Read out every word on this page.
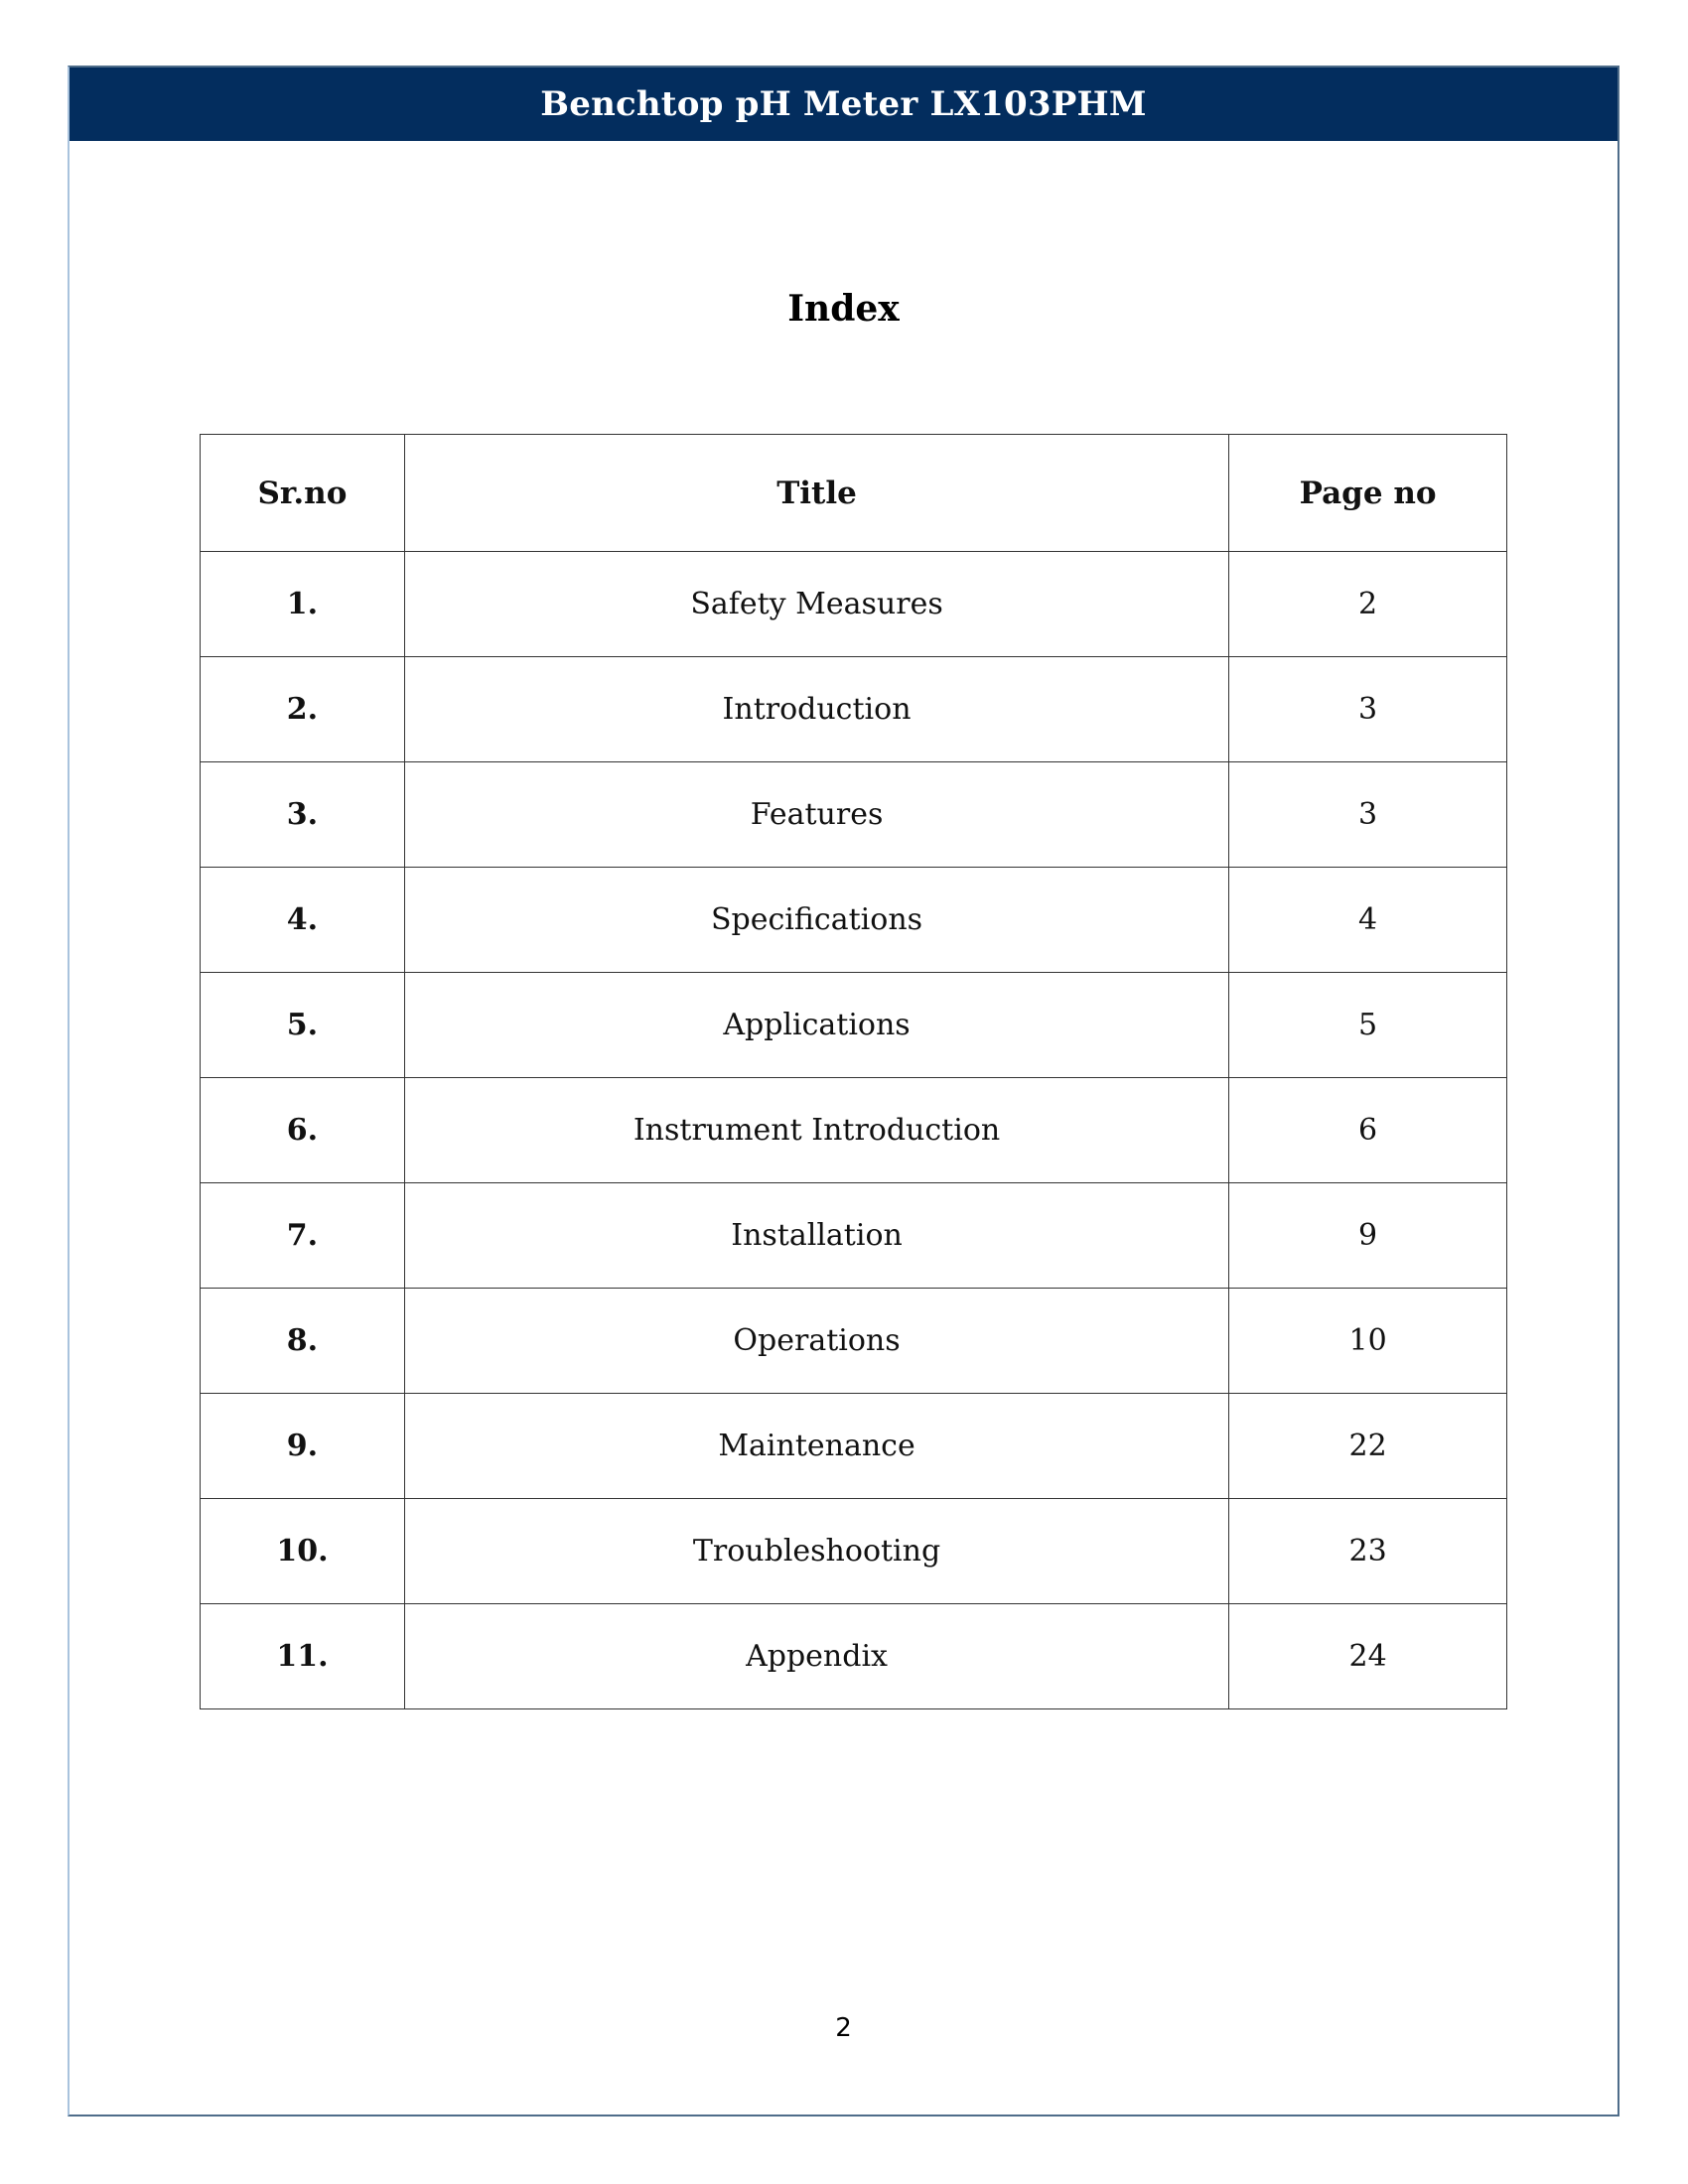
Benchtop pH Meter LX103PHM
Index
Sr.no	Title	Page no
1.	Safety Measures	2
2.	Introduction	3
3.	Features	3
4.	Specifications	4
5.	Applications	5
6.	Instrument Introduction	6
7.	Installation	9
8.	Operations	10
9.	Maintenance	22
10.	Troubleshooting	23
11.	Appendix	24
2
